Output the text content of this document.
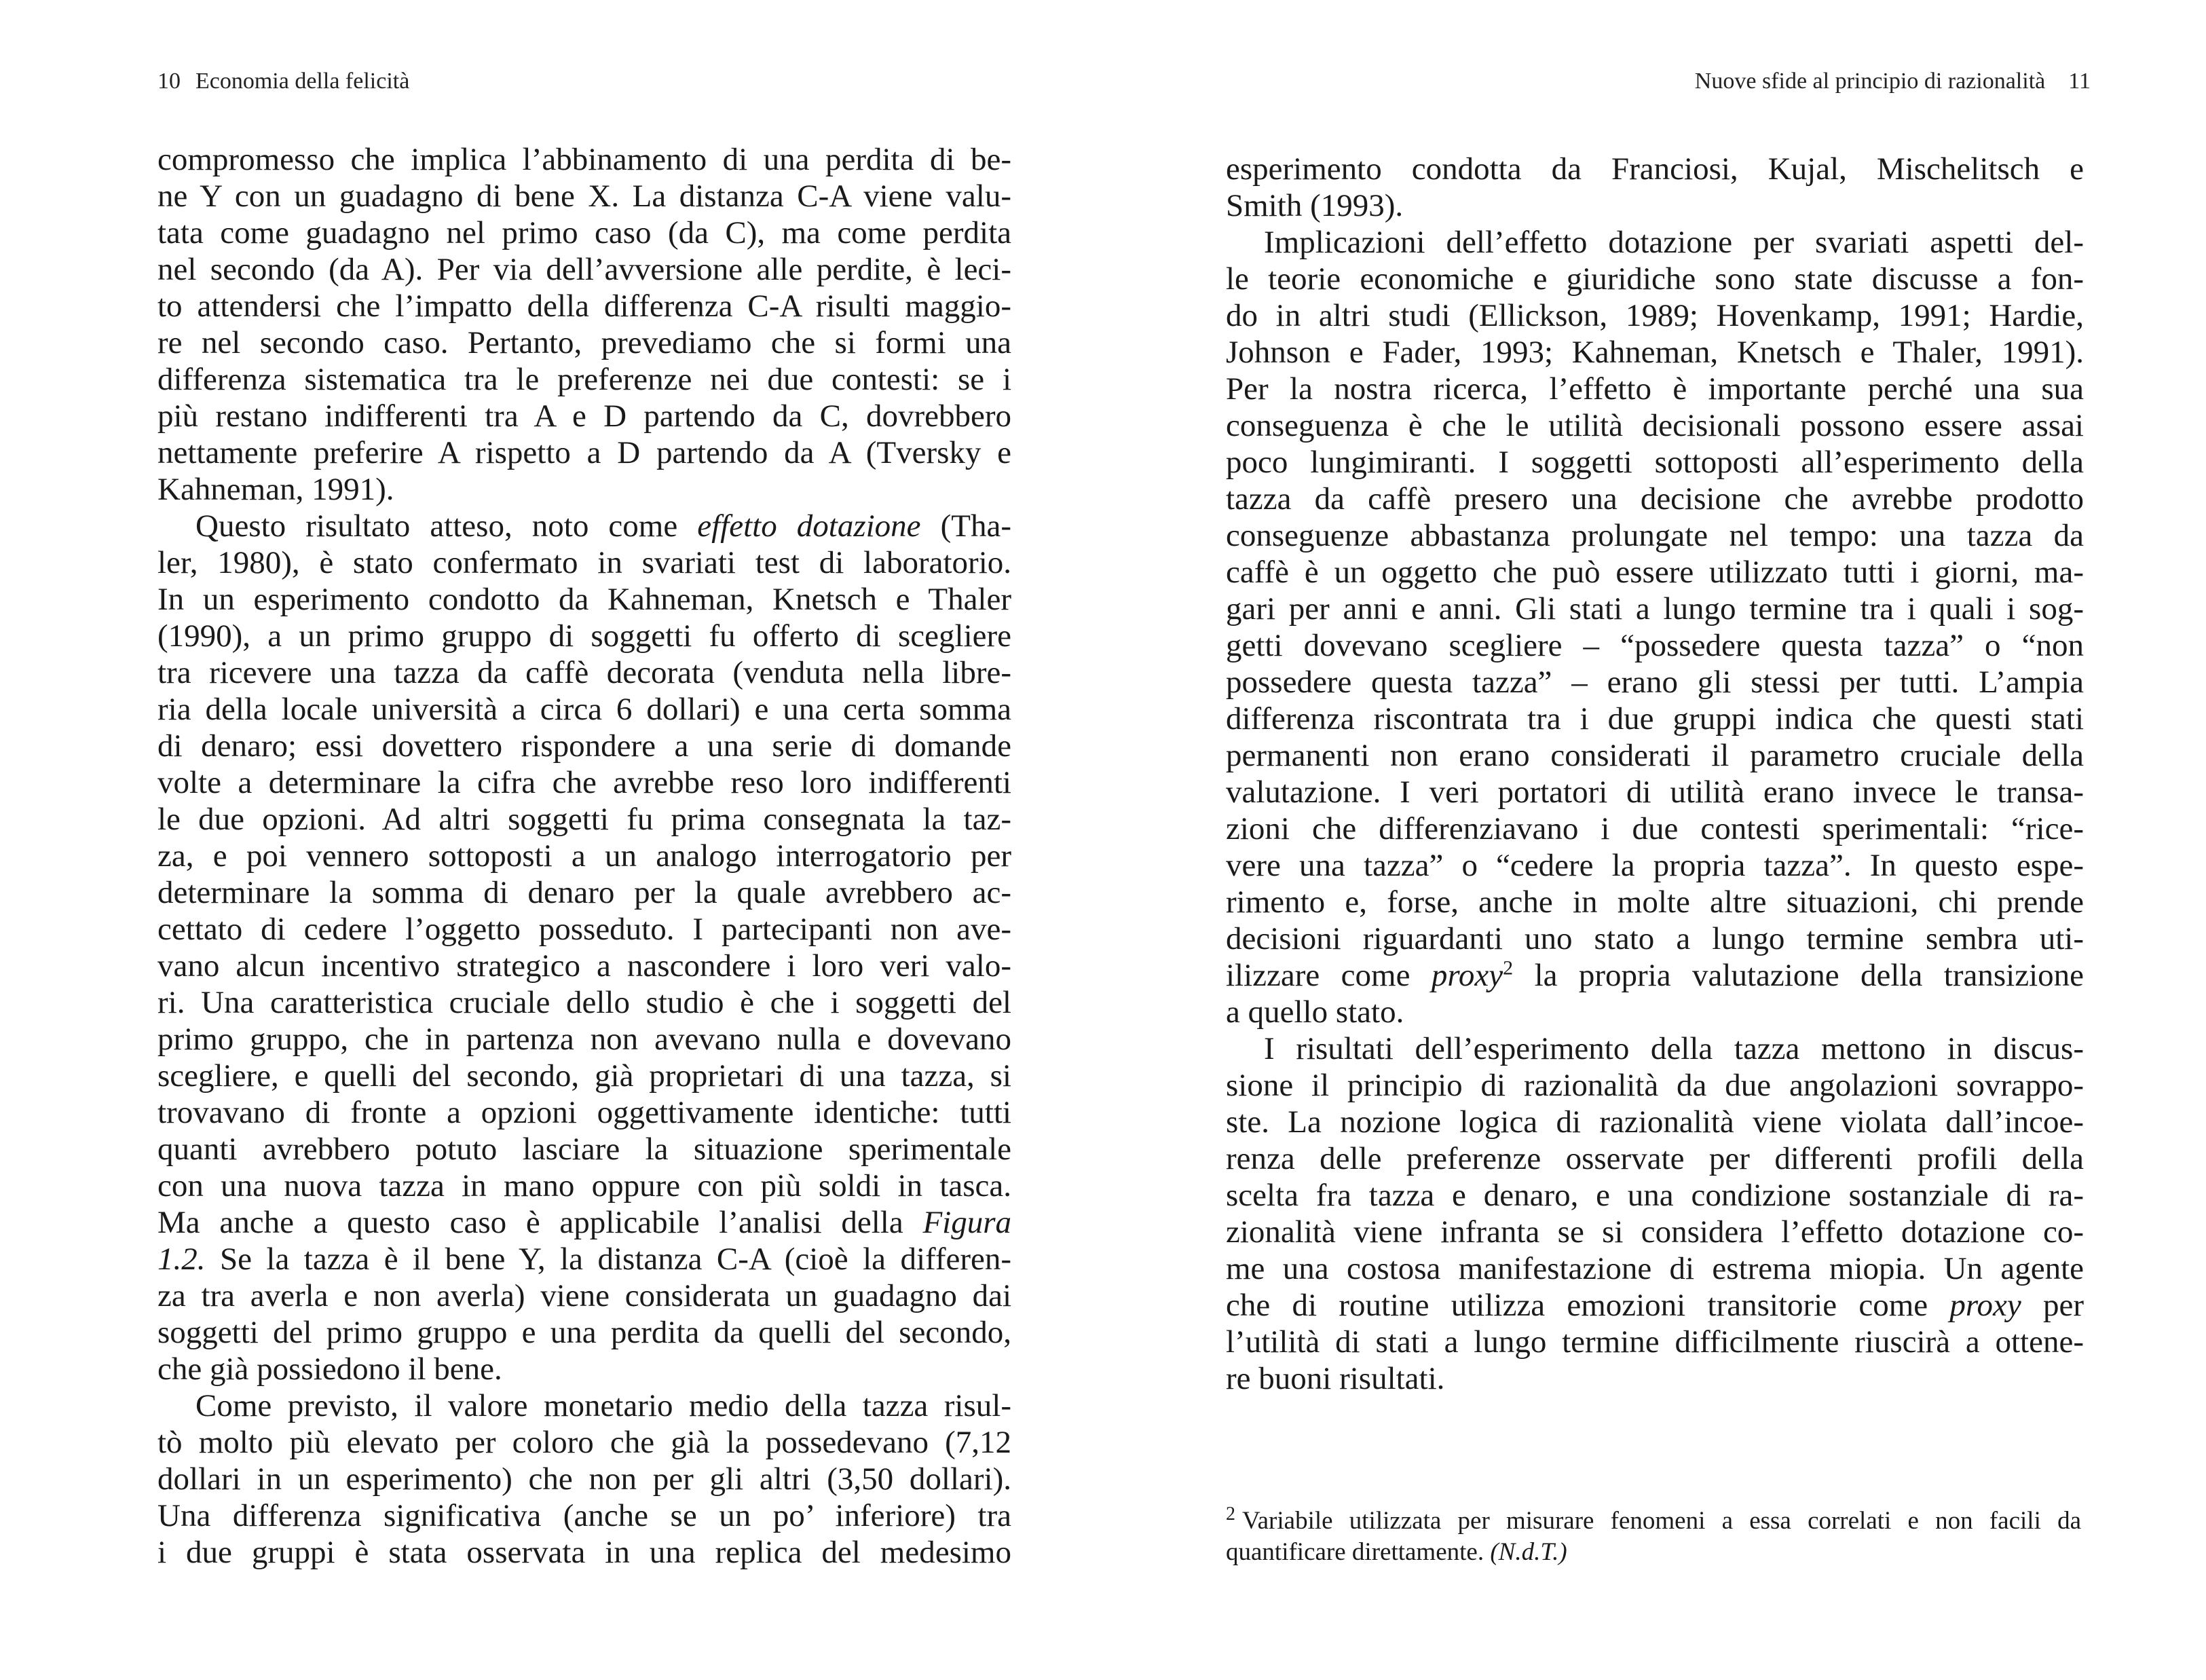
10 Economia della felicità
compromesso che implica l’abbinamento di una perdita di be-
ne Y con un guadagno di bene X. La distanza C-A viene valu-
tata come guadagno nel primo caso (da C), ma come perdita
nel secondo (da A). Per via dell’avversione alle perdite, è leci-
to attendersi che l’impatto della differenza C-A risulti maggio-
re nel secondo caso. Pertanto, prevediamo che si formi una
differenza sistematica tra le preferenze nei due contesti: se i
più restano indifferenti tra A e D partendo da C, dovrebbero
nettamente preferire A rispetto a D partendo da A (Tversky e
Kahneman, 1991).
Questo risultato atteso, noto come effetto dotazione (Tha-
ler, 1980), è stato confermato in svariati test di laboratorio.
In un esperimento condotto da Kahneman, Knetsch e Thaler
(1990), a un primo gruppo di soggetti fu offerto di scegliere
tra ricevere una tazza da caffè decorata (venduta nella libre-
ria della locale università a circa 6 dollari) e una certa somma
di denaro; essi dovettero rispondere a una serie di domande
volte a determinare la cifra che avrebbe reso loro indifferenti
le due opzioni. Ad altri soggetti fu prima consegnata la taz-
za, e poi vennero sottoposti a un analogo interrogatorio per
determinare la somma di denaro per la quale avrebbero ac-
cettato di cedere l’oggetto posseduto. I partecipanti non ave-
vano alcun incentivo strategico a nascondere i loro veri valo-
ri. Una caratteristica cruciale dello studio è che i soggetti del
primo gruppo, che in partenza non avevano nulla e dovevano
scegliere, e quelli del secondo, già proprietari di una tazza, si
trovavano di fronte a opzioni oggettivamente identiche: tutti
quanti avrebbero potuto lasciare la situazione sperimentale
con una nuova tazza in mano oppure con più soldi in tasca.
Ma anche a questo caso è applicabile l’analisi della Figura
1.2. Se la tazza è il bene Y, la distanza C-A (cioè la differen-
za tra averla e non averla) viene considerata un guadagno dai
soggetti del primo gruppo e una perdita da quelli del secondo,
che già possiedono il bene.
Come previsto, il valore monetario medio della tazza risul-
tò molto più elevato per coloro che già la possedevano (7,12
dollari in un esperimento) che non per gli altri (3,50 dollari).
Una differenza significativa (anche se un po’ inferiore) tra
i due gruppi è stata osservata in una replica del medesimo
Nuove sfide al principio di razionalità 11
esperimento condotta da Franciosi, Kujal, Mischelitsch e
Smith (1993).
Implicazioni dell’effetto dotazione per svariati aspetti del-
le teorie economiche e giuridiche sono state discusse a fon-
do in altri studi (Ellickson, 1989; Hovenkamp, 1991; Hardie,
Johnson e Fader, 1993; Kahneman, Knetsch e Thaler, 1991).
Per la nostra ricerca, l’effetto è importante perché una sua
conseguenza è che le utilità decisionali possono essere assai
poco lungimiranti. I soggetti sottoposti all’esperimento della
tazza da caffè presero una decisione che avrebbe prodotto
conseguenze abbastanza prolungate nel tempo: una tazza da
caffè è un oggetto che può essere utilizzato tutti i giorni, ma-
gari per anni e anni. Gli stati a lungo termine tra i quali i sog-
getti dovevano scegliere – “possedere questa tazza” o “non
possedere questa tazza” – erano gli stessi per tutti. L’ampia
differenza riscontrata tra i due gruppi indica che questi stati
permanenti non erano considerati il parametro cruciale della
valutazione. I veri portatori di utilità erano invece le transa-
zioni che differenziavano i due contesti sperimentali: “rice-
vere una tazza” o “cedere la propria tazza”. In questo espe-
rimento e, forse, anche in molte altre situazioni, chi prende
decisioni riguardanti uno stato a lungo termine sembra uti-
ilizzare come proxy$^2$ la propria valutazione della transizione
a quello stato.
I risultati dell’esperimento della tazza mettono in discus-
sione il principio di razionalità da due angolazioni sovrappo-
ste. La nozione logica di razionalità viene violata dall’incoe-
renza delle preferenze osservate per differenti profili della
scelta fra tazza e denaro, e una condizione sostanziale di ra-
zionalità viene infranta se si considera l’effetto dotazione co-
me una costosa manifestazione di estrema miopia. Un agente
che di routine utilizza emozioni transitorie come proxy per
l’utilità di stati a lungo termine difficilmente riuscirà a ottene-
re buoni risultati.
$^2$ Variabile utilizzata per misurare fenomeni a essa correlati e non facili da
quantificare direttamente. (N.d.T.)
